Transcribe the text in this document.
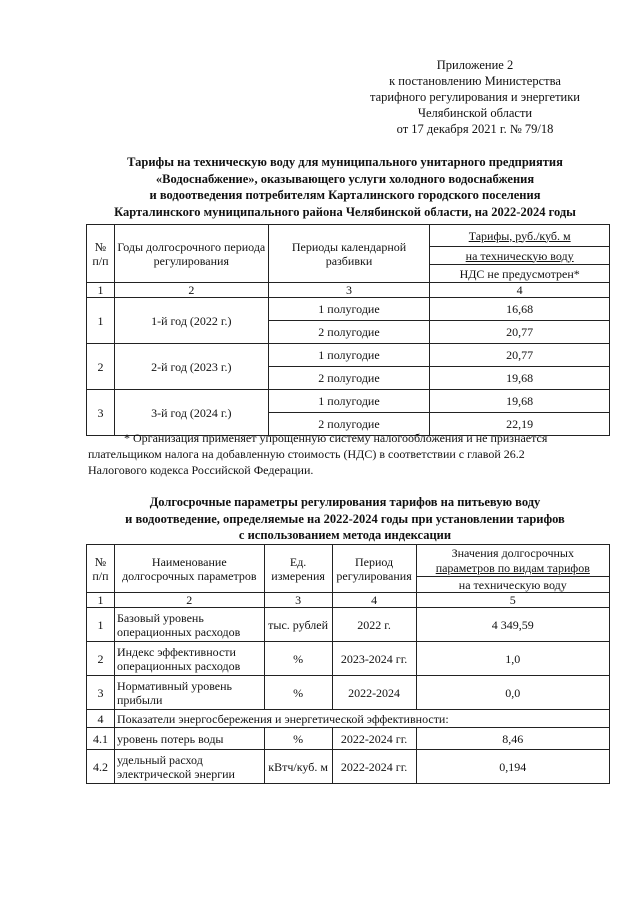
Приложение 2
к постановлению Министерства
тарифного регулирования и энергетики
Челябинской области
от 17 декабря 2021 г. № 79/18
Тарифы на техническую воду для муниципального унитарного предприятия
«Водоснабжение», оказывающего услуги холодного водоснабжения
и водоотведения потребителям Карталинского городского поселения
Карталинского муниципального района Челябинской области, на 2022-2024 годы
№ п/п	Годы долгосрочного периода регулирования	Периоды календарной разбивки	Тарифы, руб./куб. м
			на техническую воду
			НДС не предусмотрен*
1	2	3	4
1	1-й год (2022 г.)	1 полугодие	16,68
		2 полугодие	20,77
2	2-й год (2023 г.)	1 полугодие	20,77
		2 полугодие	19,68
3	3-й год (2024 г.)	1 полугодие	19,68
		2 полугодие	22,19
* Организация применяет упрощенную систему налогообложения и не признается
плательщиком налога на добавленную стоимость (НДС) в соответствии с главой 26.2
Налогового кодекса Российской Федерации.
Долгосрочные параметры регулирования тарифов на питьевую воду
и водоотведение, определяемые на 2022-2024 годы при установлении тарифов
с использованием метода индексации
№ п/п	Наименование долгосрочных параметров	Ед. измерения	Период регулирования	Значения долгосрочных
				параметров по видам тарифов
				на техническую воду
1	2	3	4	5
1	Базовый уровень операционных расходов	тыс. рублей	2022 г.	4 349,59
2	Индекс эффективности операционных расходов	%	2023-2024 гг.	1,0
3	Нормативный уровень прибыли	%	2022-2024	0,0
4	Показатели энергосбережения и энергетической эффективности:			
4.1	уровень потерь воды	%	2022-2024 гг.	8,46
4.2	удельный расход электрической энергии	кВтч/куб. м	2022-2024 гг.	0,194
